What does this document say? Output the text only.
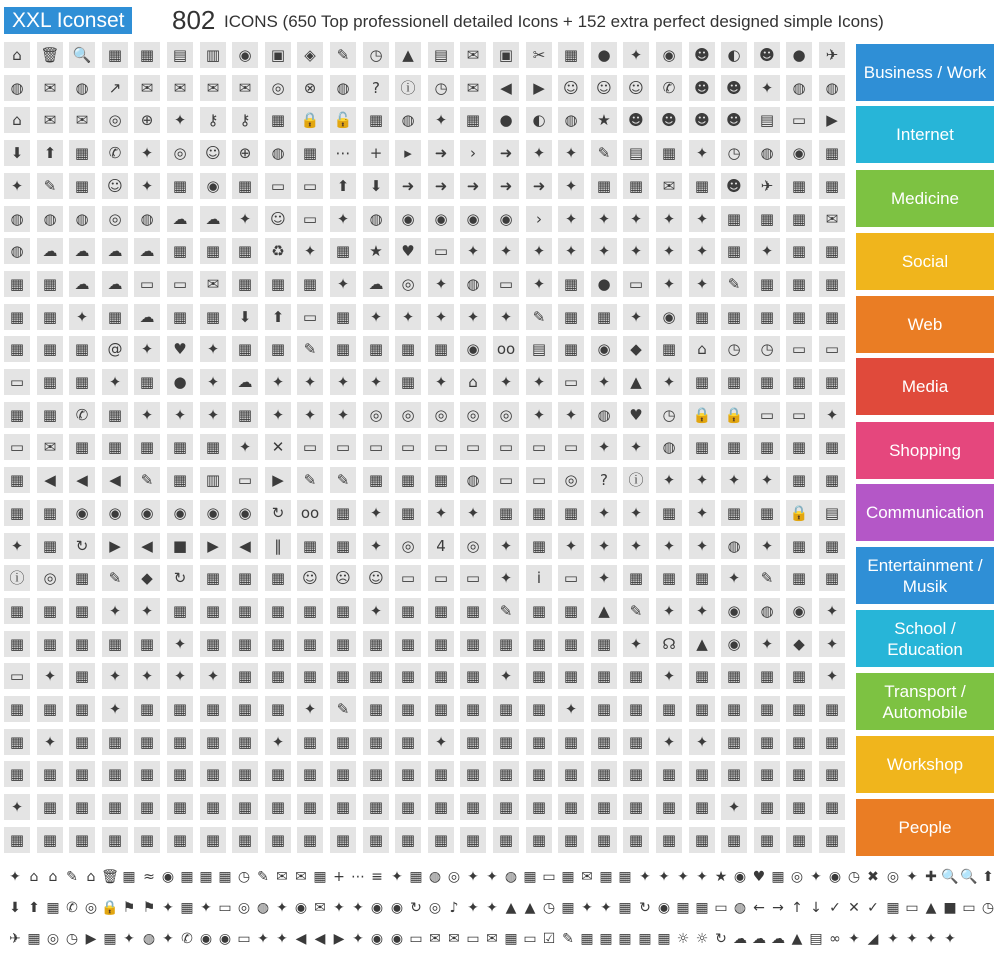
XXL Iconset	802 ICONS (650 Top professionell detailed Icons + 152 extra perfect designed simple Icons)
⌂ 🗑 🔍 ▦ ▦ ▤ ▥ ◉ ▣ ◈ ✎ ◷ ▲ ▤ ✉ ▣ ✂ ▦ ● ✦ ◉ ☻ ◐ ☻ ● ✈
◍ ✉ ◍ ↗ ✉ ✉ ✉ ✉ ◎ ⊗ ◍ ? ⓘ ◷ ✉ ◀ ▶ ☺ ☺ ☺ ✆ ☻ ☻ ✦ ◍ ◍
⌂ ✉ ✉ ◎ ⊕ ✦ ⚷ ⚷ ▦ 🔒 🔓 ▦ ◍ ✦ ▦ ● ◐ ◍ ★ ☻ ☻ ☻ ☻ ▤ ▭ ▶
⬇ ⬆ ▦ ✆ ✦ ◎ ☺ ⊕ ◍ ▦ ⋯ + ▸ ➜ › ➜ ✦ ✦ ✎ ▤ ▦ ✦ ◷ ◍ ◉ ▦
✦ ✎ ▦ ☺ ✦ ▦ ◉ ▦ ▭ ▭ ⬆ ⬇ ➜ ➜ ➜ ➜ ➜ ✦ ▦ ▦ ✉ ▦ ☻ ✈ ▦ ▦
◍ ◍ ◍ ◎ ◍ ☁ ☁ ✦ ☺ ▭ ✦ ◍ ◉ ◉ ◉ ◉ › ✦ ✦ ✦ ✦ ✦ ▦ ▦ ▦ ✉
◍ ☁ ☁ ☁ ☁ ▦ ▦ ▦ ♻ ✦ ▦ ★ ♥ ▭ ✦ ✦ ✦ ✦ ✦ ✦ ✦ ✦ ▦ ✦ ▦ ▦
▦ ▦ ☁ ☁ ▭ ▭ ✉ ▦ ▦ ▦ ✦ ☁ ◎ ✦ ◍ ▭ ✦ ▦ ● ▭ ✦ ✦ ✎ ▦ ▦ ▦
▦ ▦ ✦ ▦ ☁ ▦ ▦ ⬇ ⬆ ▭ ▦ ✦ ✦ ✦ ✦ ✦ ✎ ▦ ▦ ✦ ◉ ▦ ▦ ▦ ▦ ▦
▦ ▦ ▦ @ ✦ ♥ ✦ ▦ ▦ ✎ ▦ ▦ ▦ ▦ ◉ oo ▤ ▦ ◉ ◆ ▦ ⌂ ◷ ◷ ▭ ▭
▭ ▦ ▦ ✦ ▦ ● ✦ ☁ ✦ ✦ ✦ ✦ ▦ ✦ ⌂ ✦ ✦ ▭ ✦ ▲ ✦ ▦ ▦ ▦ ▦ ▦
▦ ▦ ✆ ▦ ✦ ✦ ✦ ▦ ✦ ✦ ✦ ◎ ◎ ◎ ◎ ◎ ✦ ✦ ◍ ♥ ◷ 🔒 🔒 ▭ ▭ ✦
▭ ✉ ▦ ▦ ▦ ▦ ▦ ✦ ✕ ▭ ▭ ▭ ▭ ▭ ▭ ▭ ▭ ▭ ✦ ✦ ◍ ▦ ▦ ▦ ▦ ▦
▦ ◀ ◀ ◀ ✎ ▦ ▥ ▭ ▶ ✎ ✎ ▦ ▦ ▦ ◍ ▭ ▭ ◎ ? ⓘ ✦ ✦ ✦ ✦ ▦ ▦
▦ ▦ ◉ ◉ ◉ ◉ ◉ ◉ ↻ oo ▦ ✦ ▦ ✦ ✦ ▦ ▦ ▦ ✦ ✦ ▦ ✦ ▦ ▦ 🔒 ▤
✦ ▦ ↻ ▶ ◀ ■ ▶ ◀ ‖ ▦ ▦ ✦ ◎ 4 ◎ ✦ ▦ ✦ ✦ ✦ ✦ ✦ ◍ ✦ ▦ ▦
ⓘ ◎ ▦ ✎ ◆ ↻ ▦ ▦ ▦ ☺ ☹ ☺ ▭ ▭ ▭ ✦ i ▭ ✦ ▦ ▦ ▦ ✦ ✎ ▦ ▦
▦ ▦ ▦ ✦ ✦ ▦ ▦ ▦ ▦ ▦ ▦ ✦ ▦ ▦ ▦ ✎ ▦ ▦ ▲ ✎ ✦ ✦ ◉ ◍ ◉ ✦
▦ ▦ ▦ ▦ ▦ ✦ ▦ ▦ ▦ ▦ ▦ ▦ ▦ ▦ ▦ ▦ ▦ ▦ ▦ ✦ ☊ ▲ ◉ ✦ ◆ ✦
▭ ✦ ▦ ✦ ✦ ✦ ✦ ▦ ▦ ▦ ▦ ▦ ▦ ▦ ▦ ✦ ▦ ▦ ▦ ▦ ✦ ▦ ▦ ▦ ▦ ✦
▦ ▦ ▦ ✦ ▦ ▦ ▦ ▦ ▦ ✦ ✎ ▦ ▦ ▦ ▦ ▦ ▦ ✦ ▦ ▦ ▦ ▦ ▦ ▦ ▦ ▦
▦ ✦ ▦ ▦ ▦ ▦ ▦ ▦ ✦ ▦ ▦ ▦ ▦ ✦ ▦ ▦ ▦ ▦ ▦ ▦ ✦ ✦ ▦ ▦ ▦ ▦
▦ ▦ ▦ ▦ ▦ ▦ ▦ ▦ ▦ ▦ ▦ ▦ ▦ ▦ ▦ ▦ ▦ ▦ ▦ ▦ ▦ ▦ ▦ ▦ ▦ ▦
✦ ▦ ▦ ▦ ▦ ▦ ▦ ▦ ▦ ▦ ▦ ▦ ▦ ▦ ▦ ▦ ▦ ▦ ▦ ▦ ▦ ▦ ✦ ▦ ▦ ▦
▦ ▦ ▦ ▦ ▦ ▦ ▦ ▦ ▦ ▦ ▦ ▦ ▦ ▦ ▦ ▦ ▦ ▦ ▦ ▦ ▦ ▦ ▦ ▦ ▦ ▦
Business / Work
Internet
Medicine
Social
Web
Media
Shopping
Communication
Entertainment / Musik
School / Education
Transport / Automobile
Workshop
People
✦ ⌂ ⌂ ✎ ⌂ 🗑 ▦ ≈ ◉ ▦ ▦ ▦ ◷ ✎ ✉ ✉ ▦ + ⋯ ≡ ✦ ▦ ◍ ◎ ✦ ✦ ◍ ▦ ▭ ▦ ✉ ▦ ▦ ✦ ✦ ✦ ✦ ★ ◉ ♥ ▦ ◎ ✦ ◉ ◷ ✖ ◎ ✦ ✚ 🔍 🔍 ⬆
⬇ ⬆ ▦ ✆ ◎ 🔒 ⚑ ⚑ ✦ ▦ ✦ ▭ ◎ ◍ ✦ ◉ ✉ ✦ ✦ ◉ ◉ ↻ ◎ ♪ ✦ ✦ ▲ ▲ ◷ ▦ ✦ ✦ ▦ ↻ ◉ ▦ ▦ ▭ ◍ ← → ↑ ↓ ✓ ✕ ✓ ▦ ▭ ▲ ■ ▭ ◷
✈ ▦ ◎ ◷ ▶ ▦ ✦ ◍ ✦ ✆ ◉ ◉ ▭ ✦ ✦ ◀ ◀ ▶ ✦ ◉ ◉ ▭ ✉ ✉ ▭ ✉ ▦ ▭ ☑ ✎ ▦ ▦ ▦ ▦ ▦ ☼ ☼ ↻ ☁ ☁ ☁ ▲ ▤ ∞ ✦ ◢ ✦ ✦ ✦ ✦
